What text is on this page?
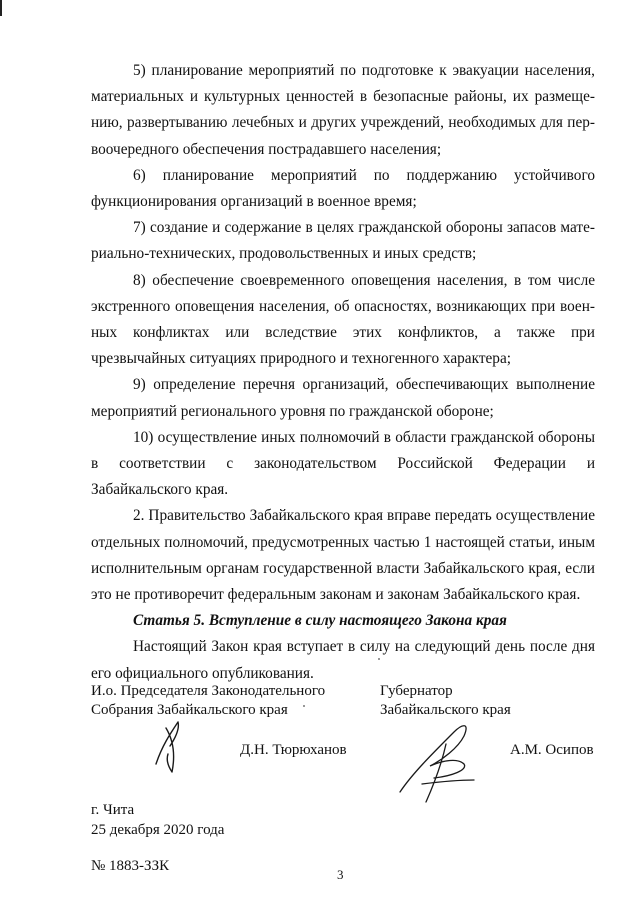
5) планирование мероприятий по подготовке к эвакуации населения, материальных и культурных ценностей в безопасные районы, их размещению, развертыванию лечебных и других учреждений, необходимых для первоочередного обеспечения пострадавшего населения;

6) планирование мероприятий по поддержанию устойчивого функционирования организаций в военное время;

7) создание и содержание в целях гражданской обороны запасов материально-технических, продовольственных и иных средств;

8) обеспечение своевременного оповещения населения, в том числе экстренного оповещения населения, об опасностях, возникающих при военных конфликтах или вследствие этих конфликтов, а также при чрезвычайных ситуациях природного и техногенного характера;

9) определение перечня организаций, обеспечивающих выполнение мероприятий регионального уровня по гражданской обороне;

10) осуществление иных полномочий в области гражданской обороны в соответствии с законодательством Российской Федерации и Забайкальского края.

2. Правительство Забайкальского края вправе передать осуществление отдельных полномочий, предусмотренных частью 1 настоящей статьи, иным исполнительным органам государственной власти Забайкальского края, если это не противоречит федеральным законам и законам Забайкальского края.

Статья 5. Вступление в силу настоящего Закона края

Настоящий Закон края вступает в силу на следующий день после дня его официального опубликования.

И.о. Председателя Законодательного
Собрания Забайкальского края
Д.Н. Тюрюханов
Губернатор
Забайкальского края
А.М. Осипов
г. Чита
25 декабря 2020 года
№ 1883-ЗЗК
3
